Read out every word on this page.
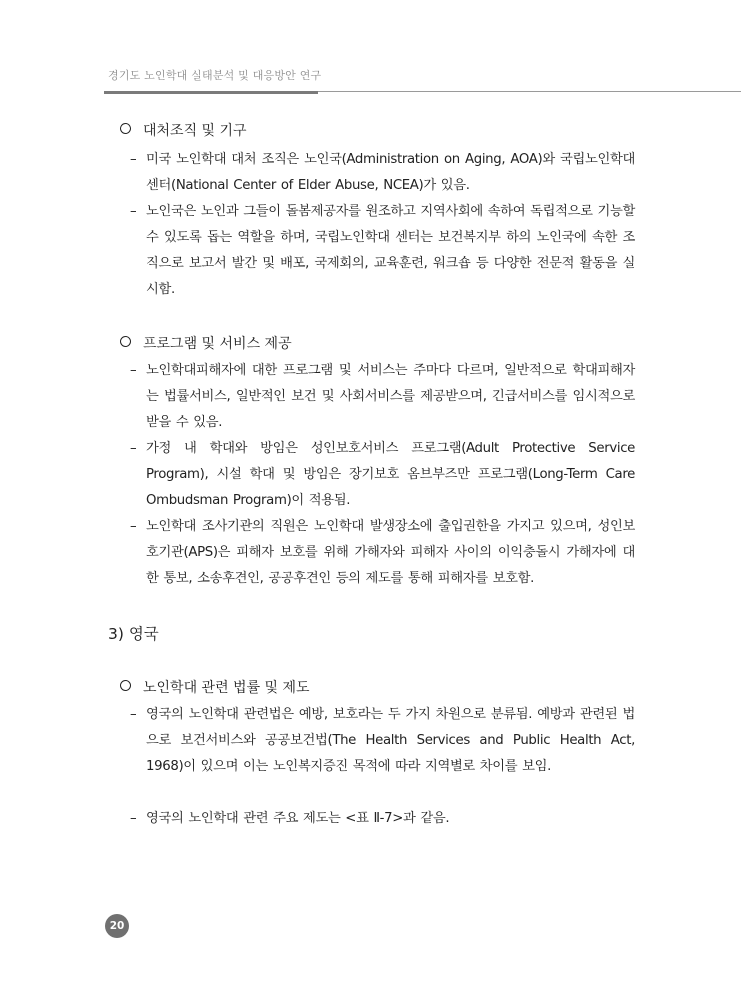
경기도 노인학대 실태분석 및 대응방안 연구
대처조직 및 기구
– 미국 노인학대 대처 조직은 노인국(Administration on Aging, AOA)와 국립노인학대 센터(National Center of Elder Abuse, NCEA)가 있음.
– 노인국은 노인과 그들이 돌봄제공자를 원조하고 지역사회에 속하여 독립적으로 기능할 수 있도록 돕는 역할을 하며, 국립노인학대 센터는 보건복지부 하의 노인국에 속한 조직으로 보고서 발간 및 배포, 국제회의, 교육훈련, 워크숍 등 다양한 전문적 활동을 실시함.
프로그램 및 서비스 제공
– 노인학대피해자에 대한 프로그램 및 서비스는 주마다 다르며, 일반적으로 학대피해자는 법률서비스, 일반적인 보건 및 사회서비스를 제공받으며, 긴급서비스를 임시적으로 받을 수 있음.
– 가정 내 학대와 방임은 성인보호서비스 프로그램(Adult Protective Service Program), 시설 학대 및 방임은 장기보호 옴브부즈만 프로그램(Long-Term Care Ombudsman Program)이 적용됨.
– 노인학대 조사기관의 직원은 노인학대 발생장소에 출입권한을 가지고 있으며, 성인보호기관(APS)은 피해자 보호를 위해 가해자와 피해자 사이의 이익충돌시 가해자에 대한 통보, 소송후견인, 공공후견인 등의 제도를 통해 피해자를 보호함.
3) 영국
노인학대 관련 법률 및 제도
– 영국의 노인학대 관련법은 예방, 보호라는 두 가지 차원으로 분류됨. 예방과 관련된 법으로 보건서비스와 공공보건법(The Health Services and Public Health Act, 1968)이 있으며 이는 노인복지증진 목적에 따라 지역별로 차이를 보임.
– 영국의 노인학대 관련 주요 제도는 <표 Ⅱ-7>과 같음.
20
